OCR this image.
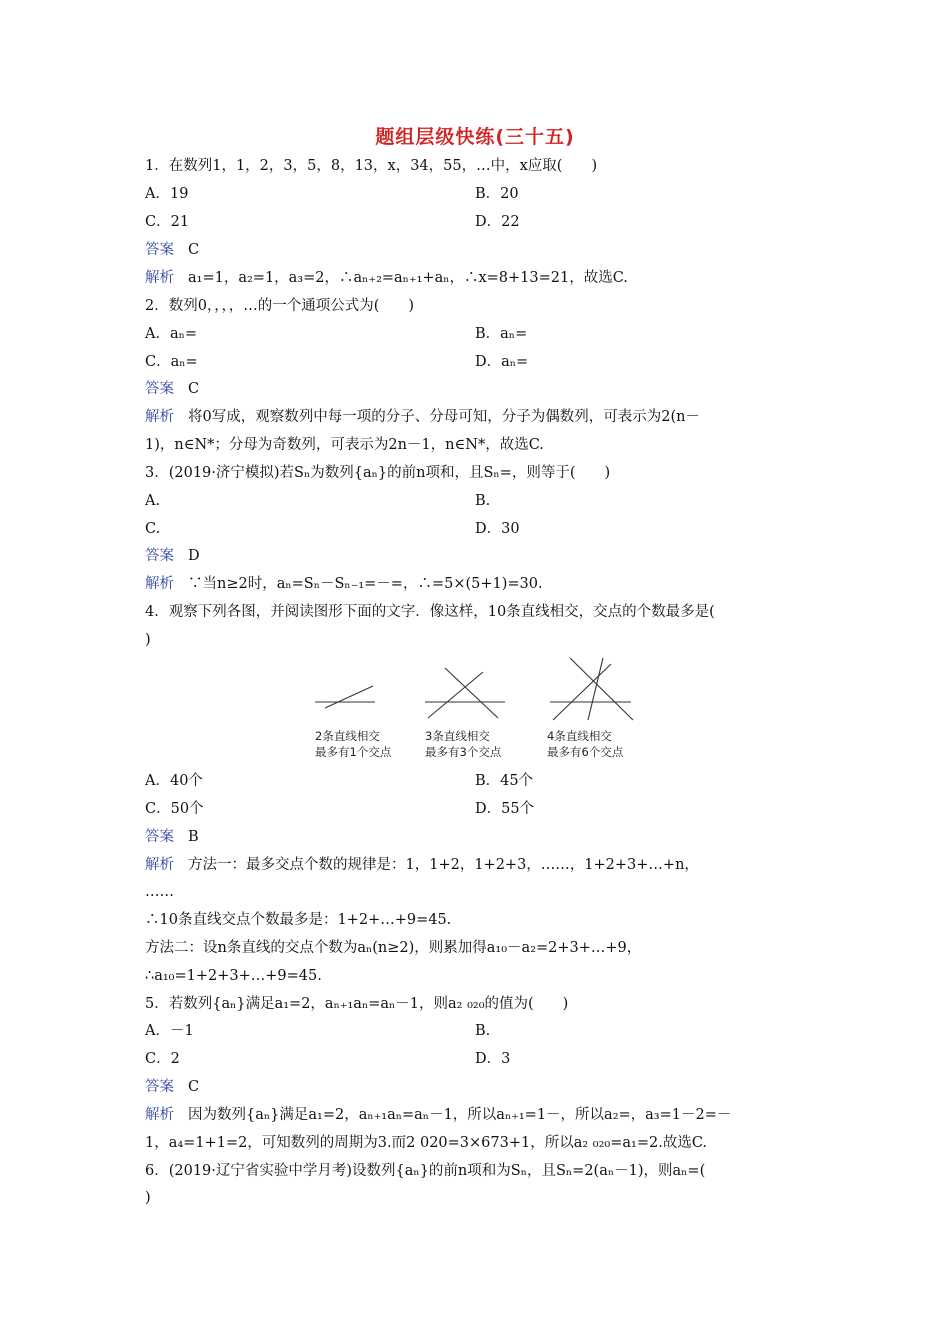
题组层级快练(三十五)
1．在数列1，1，2，3，5，8，13，x，34，55，…中，x应取(　　)
A．19	B．20
C．21	D．22
答案 C
解析 a₁=1，a₂=1，a₃=2，∴aₙ₊₂=aₙ₊₁+aₙ，∴x=8+13=21，故选C.
2．数列0，，，，…的一个通项公式为(　　)
A．aₙ=	B．aₙ=
C．aₙ=	D．aₙ=
答案 C
解析 将0写成，观察数列中每一项的分子、分母可知，分子为偶数列，可表示为2(n－
1)，n∈N*；分母为奇数列，可表示为2n－1，n∈N*，故选C.
3．(2019·济宁模拟)若Sₙ为数列{aₙ}的前n项和，且Sₙ=，则等于(　　)
A.	B.
C.	D．30
答案 D
解析 ∵当n≥2时，aₙ=Sₙ－Sₙ₋₁=－=，∴=5×(5+1)=30.
4．观察下列各图，并阅读图形下面的文字．像这样，10条直线相交，交点的个数最多是(
)
2条直线相交
最多有1个交点
3条直线相交
最多有3个交点
4条直线相交
最多有6个交点
A．40个	B．45个
C．50个	D．55个
答案 B
解析 方法一：最多交点个数的规律是：1，1+2，1+2+3，……，1+2+3+…+n，
……
∴10条直线交点个数最多是：1+2+…+9=45.
方法二：设n条直线的交点个数为aₙ(n≥2)，则累加得a₁₀－a₂=2+3+…+9，
∴a₁₀=1+2+3+…+9=45.
5．若数列{aₙ}满足a₁=2，aₙ₊₁aₙ=aₙ－1，则a₂ ₀₂₀的值为(　　)
A．－1	B.
C．2	D．3
答案 C
解析 因为数列{aₙ}满足a₁=2，aₙ₊₁aₙ=aₙ－1，所以aₙ₊₁=1－，所以a₂=，a₃=1－2=－
1，a₄=1+1=2，可知数列的周期为3.而2 020=3×673+1，所以a₂ ₀₂₀=a₁=2.故选C.
6．(2019·辽宁省实验中学月考)设数列{aₙ}的前n项和为Sₙ，且Sₙ=2(aₙ－1)，则aₙ=(
)
